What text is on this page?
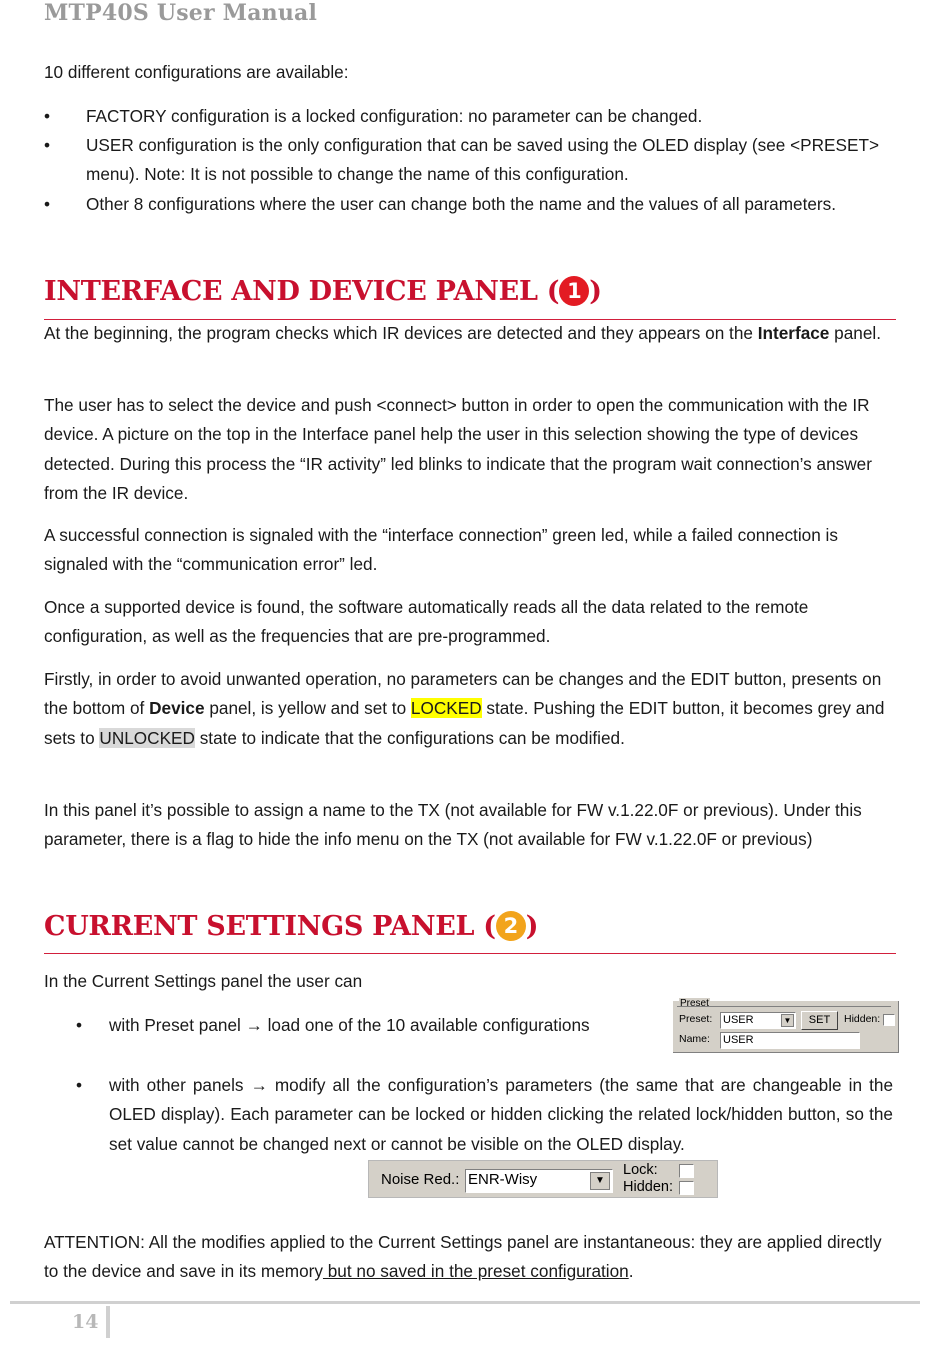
MTP40S User Manual
10 different configurations are available:
•	FACTORY configuration is a locked configuration: no parameter can be changed.
•	USER configuration is the only configuration that can be saved using the OLED display (see <PRESET> menu). Note: It is not possible to change the name of this configuration.
•	Other 8 configurations where the user can change both the name and the values of all parameters.
INTERFACE AND DEVICE PANEL ( 1 )
At the beginning, the program checks which IR devices are detected and they appears on the Interface panel.
The user has to select the device and push <connect> button in order to open the communication with the IR device. A picture on the top in the Interface panel help the user in this selection showing the type of devices detected. During this process the “IR activity” led blinks to indicate that the program wait connection’s answer from the IR device.
A successful connection is signaled with the “interface connection” green led, while a failed connection is signaled with the “communication error” led.
Once a supported device is found, the software automatically reads all the data related to the remote configuration, as well as the frequencies that are pre-programmed.
Firstly, in order to avoid unwanted operation, no parameters can be changes and the EDIT button, presents on the bottom of Device panel, is yellow and set to LOCKED state. Pushing the EDIT button, it becomes grey and sets to UNLOCKED state to indicate that the configurations can be modified.
In this panel it’s possible to assign a name to the TX (not available for FW v.1.22.0F or previous). Under this parameter, there is a flag to hide the info menu on the TX (not available for FW v.1.22.0F or previous)
CURRENT SETTINGS PANEL ( 2 )
In the Current Settings panel the user can
• with Preset panel → load one of the 10 available configurations
Preset
Preset: USER	▼	SET	Hidden:
Name: USER
• with other panels → modify all the configuration’s parameters (the same that are changeable in the OLED display). Each parameter can be locked or hidden clicking the related lock/hidden button, so the set value cannot be changed next or cannot be visible on the OLED display.
Noise Red.: ENR-Wisy	▼
Lock:
Hidden:
ATTENTION: All the modifies applied to the Current Settings panel are instantaneous: they are applied directly to the device and save in its memory but no saved in the preset configuration.
14
